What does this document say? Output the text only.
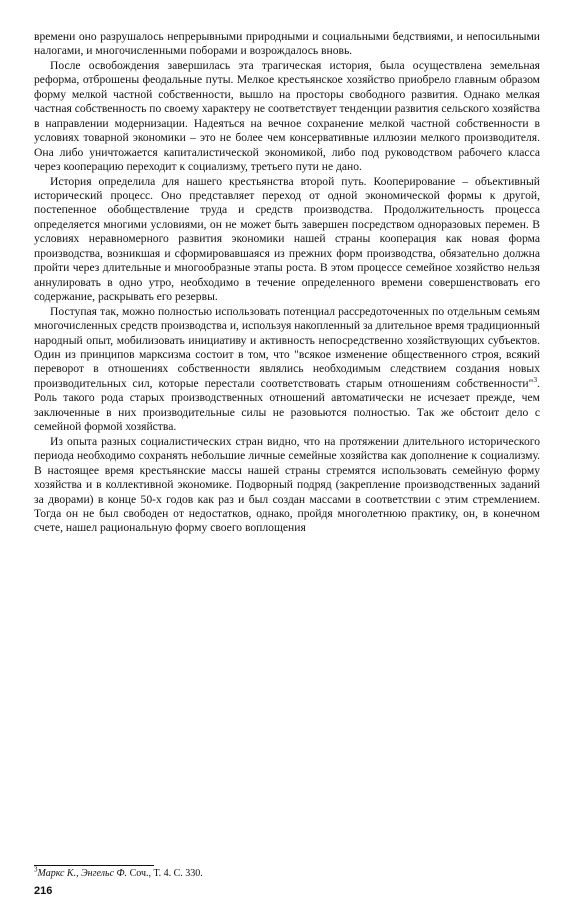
времени оно разрушалось непрерывными природными и социальными бедствиями, и непосильными налогами, и многочисленными поборами и возрождалось вновь.

После освобождения завершилась эта трагическая история, была осуществлена земельная реформа, отброшены феодальные путы. Мелкое крестьянское хозяйство приобрело главным образом форму мелкой частной собственности, вышло на просторы свободного развития. Однако мелкая частная собственность по своему характеру не соответствует тенденции развития сельского хозяйства в направлении модернизации. Надеяться на вечное сохранение мелкой частной собственности в условиях товарной экономики – это не более чем консервативные иллюзии мелкого производителя. Она либо уничтожается капиталистической экономикой, либо под руководством рабочего класса через кооперацию переходит к социализму, третьего пути не дано.

История определила для нашего крестьянства второй путь. Кооперирование – объективный исторический процесс. Оно представляет переход от одной экономической формы к другой, постепенное обобществление труда и средств производства. Продолжительность процесса определяется многими условиями, он не может быть завершен посредством одноразовых перемен. В условиях неравномерного развития экономики нашей страны кооперация как новая форма производства, возникшая и сформировавшаяся из прежних форм производства, обязательно должна пройти через длительные и многообразные этапы роста. В этом процессе семейное хозяйство нельзя аннулировать в одно утро, необходимо в течение определенного времени совершенствовать его содержание, раскрывать его резервы.

Поступая так, можно полностью использовать потенциал рассредоточенных по отдельным семьям многочисленных средств производства и, используя накопленный за длительное время традиционный народный опыт, мобилизовать инициативу и активность непосредственно хозяйствующих субъектов. Один из принципов марксизма состоит в том, что "всякое изменение общественного строя, всякий переворот в отношениях собственности являлись необходимым следствием создания новых производительных сил, которые перестали соответствовать старым отношениям собственности"$^3$. Роль такого рода старых производственных отношений автоматически не исчезает прежде, чем заключенные в них производительные силы не разовьются полностью. Так же обстоит дело с семейной формой хозяйства.

Из опыта разных социалистических стран видно, что на протяжении длительного исторического периода необходимо сохранять небольшие личные семейные хозяйства как дополнение к социализму. В настоящее время крестьянские массы нашей страны стремятся использовать семейную форму хозяйства и в коллективной экономике. Подворный подряд (закрепление производственных заданий за дворами) в конце 50-х годов как раз и был создан массами в соответствии с этим стремлением. Тогда он не был свободен от недостатков, однако, пройдя многолетнюю практику, он, в конечном счете, нашел рациональную форму своего воплощения

$^3$Маркс К., Энгельс Ф. Соч., Т. 4. С. 330.
216
